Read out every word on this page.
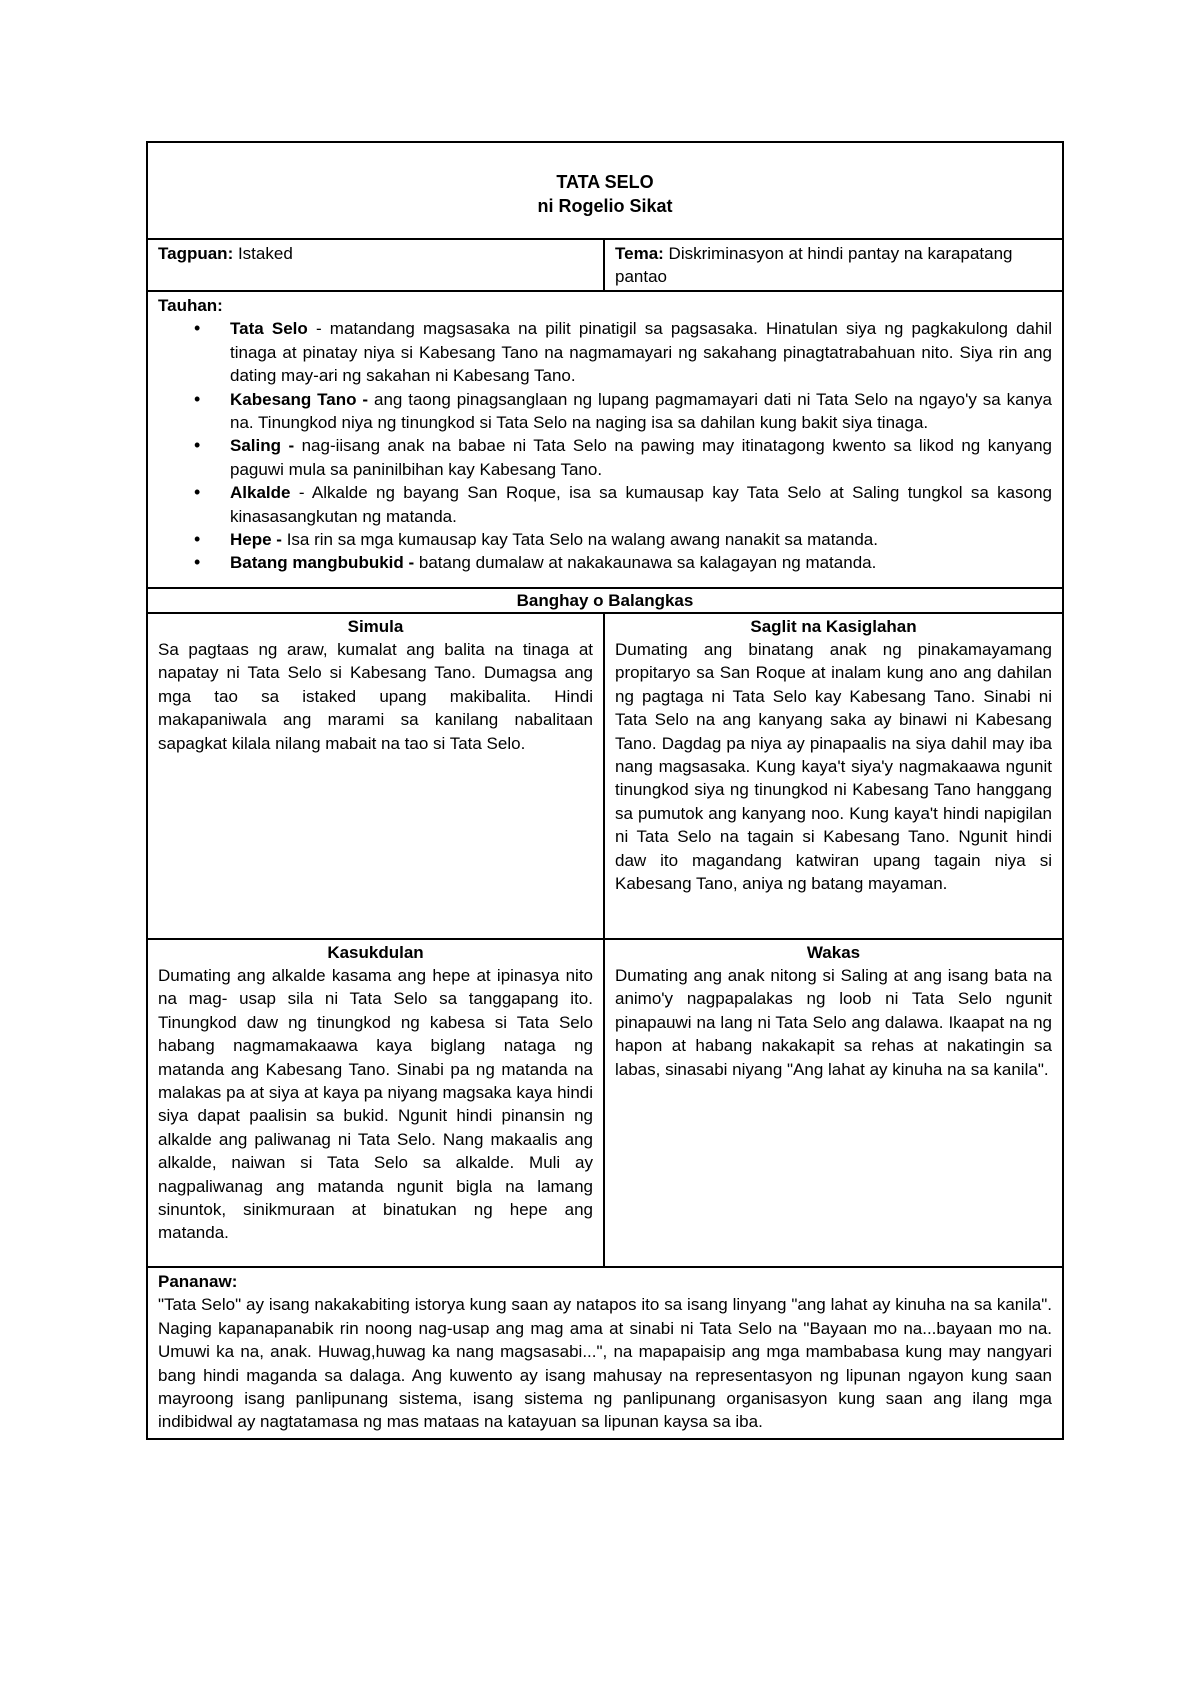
TATA SELO
ni Rogelio Sikat
Tagpuan: Istaked	Tema: Diskriminasyon at hindi pantay na karapatang pantao
Tauhan:
• Tata Selo - matandang magsasaka na pilit pinatigil sa pagsasaka. Hinatulan siya ng pagkakulong dahil tinaga at pinatay niya si Kabesang Tano na nagmamayari ng sakahang pinagtatrabahuan nito. Siya rin ang dating may-ari ng sakahan ni Kabesang Tano.
• Kabesang Tano - ang taong pinagsanglaan ng lupang pagmamayari dati ni Tata Selo na ngayo'y sa kanya na. Tinungkod niya ng tinungkod si Tata Selo na naging isa sa dahilan kung bakit siya tinaga.
• Saling - nag-iisang anak na babae ni Tata Selo na pawing may itinatagong kwento sa likod ng kanyang paguwi mula sa paninilbihan kay Kabesang Tano.
• Alkalde - Alkalde ng bayang San Roque, isa sa kumausap kay Tata Selo at Saling tungkol sa kasong kinasasangkutan ng matanda.
• Hepe - Isa rin sa mga kumausap kay Tata Selo na walang awang nanakit sa matanda.
• Batang mangbubukid - batang dumalaw at nakakaunawa sa kalagayan ng matanda.
Banghay o Balangkas
Simula
Sa pagtaas ng araw, kumalat ang balita na tinaga at napatay ni Tata Selo si Kabesang Tano. Dumagsa ang mga tao sa istaked upang makibalita. Hindi makapaniwala ang marami sa kanilang nabalitaan sapagkat kilala nilang mabait na tao si Tata Selo.
Saglit na Kasiglahan
Dumating ang binatang anak ng pinakamayamang propitaryo sa San Roque at inalam kung ano ang dahilan ng pagtaga ni Tata Selo kay Kabesang Tano. Sinabi ni Tata Selo na ang kanyang saka ay binawi ni Kabesang Tano. Dagdag pa niya ay pinapaalis na siya dahil may iba nang magsasaka. Kung kaya't siya'y nagmakaawa ngunit tinungkod siya ng tinungkod ni Kabesang Tano hanggang sa pumutok ang kanyang noo. Kung kaya't hindi napigilan ni Tata Selo na tagain si Kabesang Tano. Ngunit hindi daw ito magandang katwiran upang tagain niya si Kabesang Tano, aniya ng batang mayaman.
Kasukdulan
Dumating ang alkalde kasama ang hepe at ipinasya nito na mag- usap sila ni Tata Selo sa tanggapang ito. Tinungkod daw ng tinungkod ng kabesa si Tata Selo habang nagmamakaawa kaya biglang nataga ng matanda ang Kabesang Tano. Sinabi pa ng matanda na malakas pa at siya at kaya pa niyang magsaka kaya hindi siya dapat paalisin sa bukid. Ngunit hindi pinansin ng alkalde ang paliwanag ni Tata Selo. Nang makaalis ang alkalde, naiwan si Tata Selo sa alkalde. Muli ay nagpaliwanag ang matanda ngunit bigla na lamang sinuntok, sinikmuraan at binatukan ng hepe ang matanda.
Wakas
Dumating ang anak nitong si Saling at ang isang bata na animo'y nagpapalakas ng loob ni Tata Selo ngunit pinapauwi na lang ni Tata Selo ang dalawa. Ikaapat na ng hapon at habang nakakapit sa rehas at nakatingin sa labas, sinasabi niyang "Ang lahat ay kinuha na sa kanila".
Pananaw:
"Tata Selo" ay isang nakakabiting istorya kung saan ay natapos ito sa isang linyang "ang lahat ay kinuha na sa kanila". Naging kapanapanabik rin noong nag-usap ang mag ama at sinabi ni Tata Selo na "Bayaan mo na...bayaan mo na. Umuwi ka na, anak. Huwag,huwag ka nang magsasabi...", na mapapaisip ang mga mambabasa kung may nangyari bang hindi maganda sa dalaga. Ang kuwento ay isang mahusay na representasyon ng lipunan ngayon kung saan mayroong isang panlipunang sistema, isang sistema ng panlipunang organisasyon kung saan ang ilang mga indibidwal ay nagtatamasa ng mas mataas na katayuan sa lipunan kaysa sa iba.
